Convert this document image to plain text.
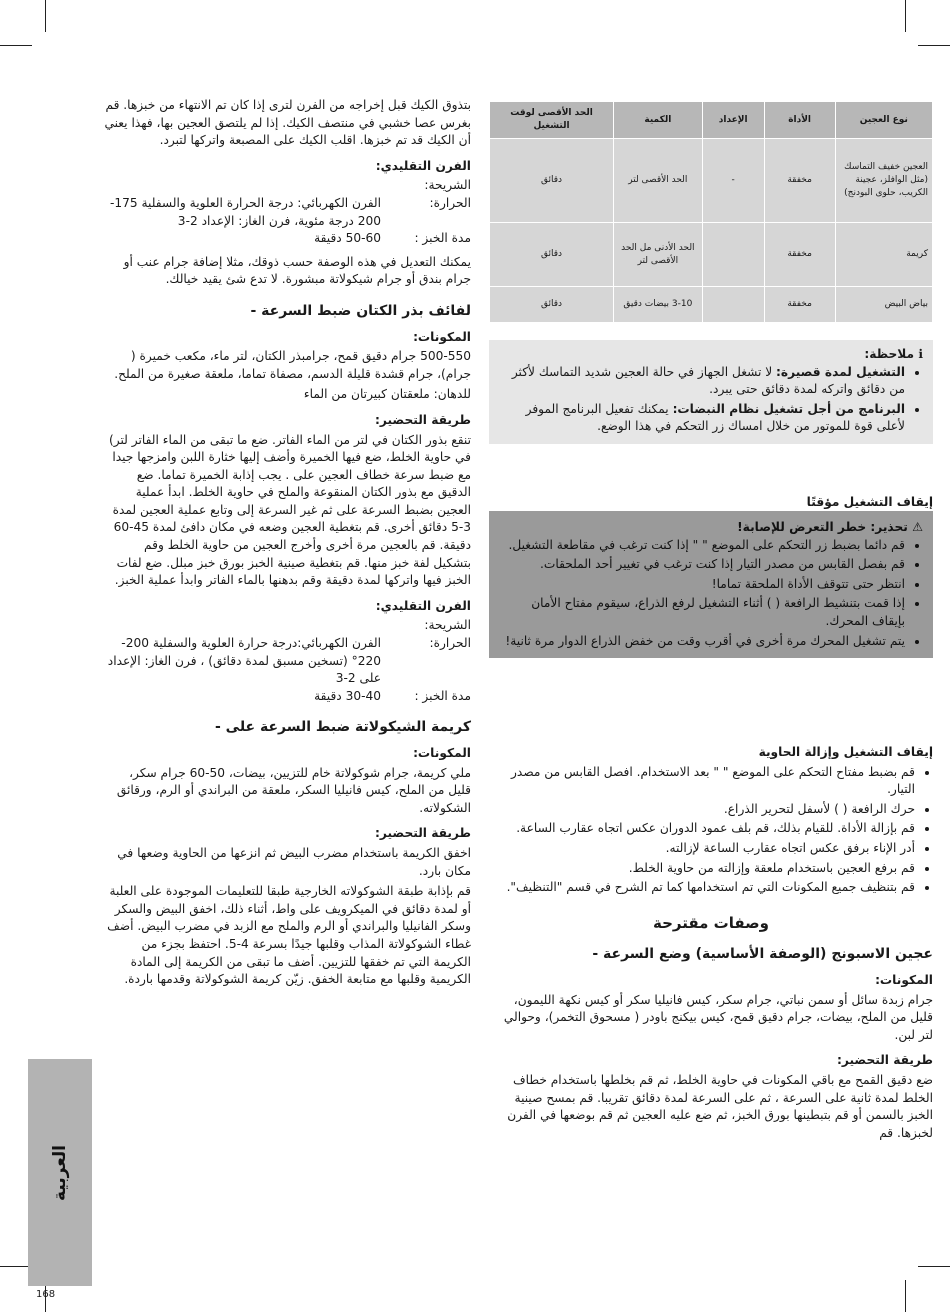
نوع العجين	الأداة	الإعداد	الكمية	الحد الأقصى لوقت التشغيل
العجين خفيف التماسك (مثل الوافلز، عجينة الكريب، حلوى البودنج)	مخفقة	-	الحد الأقصى لتر	دقائق
كريمة	مخفقة		الحد الأدنى مل الحد الأقصى لتر	دقائق
بياض البيض	مخفقة		3-10 بيضات دقيق	دقائق
ℹ ملاحظة:
• التشغيل لمدة قصيرة: لا تشغل الجهاز في حالة العجين شديد التماسك لأكثر من دقائق واتركه لمدة دقائق حتى يبرد.
• البرنامج من أجل تشغيل نظام النبضات: يمكنك تفعيل البرنامج الموفر لأعلى قوة للموتور من خلال امساك زر التحكم في هذا الوضع.
إيقاف التشغيل مؤقتًا
⚠ تحذير: خطر التعرض للإصابة!
• قم دائما بضبط زر التحكم على الموضع " " إذا كنت ترغب في مقاطعة التشغيل.
• قم بفصل القابس من مصدر التيار إذا كنت ترغب في تغيير أحد الملحقات.
• انتظر حتى تتوقف الأداة الملحقة تماما!
• إذا قمت بتنشيط الرافعة ( ) أثناء التشغيل لرفع الذراع، سيقوم مفتاح الأمان بإيقاف المحرك.
• يتم تشغيل المحرك مرة أخرى في أقرب وقت من خفض الذراع الدوار مرة ثانية!
إيقاف التشغيل وإزالة الحاوية
• قم بضبط مفتاح التحكم على الموضع " " بعد الاستخدام. افصل القابس من مصدر التيار.
• حرك الرافعة ( ) لأسفل لتحرير الذراع.
• قم بإزالة الأداة. للقيام بذلك، قم بلف عمود الدوران عكس اتجاه عقارب الساعة.
• أدر الإناء برفق عكس اتجاه عقارب الساعة لإزالته.
• قم برفع العجين باستخدام ملعقة وإزالته من حاوية الخلط.
• قم بتنظيف جميع المكونات التي تم استخدامها كما تم الشرح في قسم "التنظيف".
وصفات مقترحة
عجين الاسبونج (الوصفة الأساسية) وضع السرعة -
المكونات:

جرام زبدة سائل أو سمن نباتي، جرام سكر، كيس فانيليا سكر أو كيس نكهة الليمون، قليل من الملح، بيضات، جرام دقيق قمح، كيس بيكنج باودر ( مسحوق التخمر)، وحوالي لتر لبن.

طريقة التحضير:

ضع دقيق القمح مع باقي المكونات في حاوية الخلط، ثم قم بخلطها باستخدام خطاف الخلط لمدة ثانية على السرعة ، ثم على السرعة لمدة دقائق تقريبا. قم بمسح صينية الخبز بالسمن أو قم بتبطينها بورق الخبز، ثم ضع عليه العجين ثم قم بوضعها في الفرن لخبزها. قم

بتذوق الكيك قبل إخراجه من الفرن لترى إذا كان تم الانتهاء من خبزها. قم بغرس عصا خشبي في منتصف الكيك. إذا لم يلتصق العجين بها، فهذا يعني أن الكيك قد تم خبزها. اقلب الكيك على المصبعة واتركها لتبرد.

الفرن التقليدي:
الشريحة:
الحرارة:
الفرن الكهربائي: درجة الحرارة العلوية والسفلية 175-200 درجة مئوية، فرن الغاز: الإعداد 2-3
مدة الخبز :
50-60 دقيقة

يمكنك التعديل في هذه الوصفة حسب ذوقك، مثلا إضافة جرام عنب أو جرام بندق أو جرام شيكولاتة مبشورة. لا تدع شئ يقيد خيالك.

لفائف بذر الكتان ضبط السرعة -
المكونات:

500-550 جرام دقيق قمح، جرامبذر الكتان، لتر ماء، مكعب خميرة ( جرام)، جرام قشدة قليلة الدسم، مصفاة تماما، ملعقة صغيرة من الملح.

للدهان: ملعقتان كبيرتان من الماء

طريقة التحضير:

تنقع بذور الكتان في لتر من الماء الفاتر. ضع ما تبقى من الماء الفاتر لتر) في حاوية الخلط، ضع فيها الخميرة وأضف إليها خثارة اللبن وامزجها جيدا مع ضبط سرعة خطاف العجين على . يجب إذابة الخميرة تماما. ضع الدقيق مع بذور الكتان المنقوعة والملح في حاوية الخلط. ابدأ عملية العجين بضبط السرعة على ثم غير السرعة إلى وتابع عملية العجين لمدة 3-5 دقائق أخرى. قم بتغطية العجين وضعه في مكان دافئ لمدة 45-60 دقيقة. قم بالعجين مرة أخرى وأخرج العجين من حاوية الخلط وقم بتشكيل لفة خبز منها. قم بتغطية صينية الخبز بورق خبز مبلل. ضع لفات الخبز فيها واتركها لمدة دقيقة وقم بدهنها بالماء الفاتر وابدأ عملية الخبز.

الفرن التقليدي:
الشريحة:
الحرارة:
الفرن الكهربائي:درجة حرارة العلوية والسفلية 200-220° (تسخين مسبق لمدة دقائق) ، فرن الغاز: الإعداد على 2-3
مدة الخبز :
30-40 دقيقة
كريمة الشيكولاتة ضبط السرعة على -
المكونات:

ملي كريمة، جرام شوكولاتة خام للتزيين، بيضات، 50-60 جرام سكر، قليل من الملح، كيس فانيليا السكر، ملعقة من البراندي أو الرم، ورقائق الشكولاته.

طريقة التحضير:

اخفق الكريمة باستخدام مضرب البيض ثم انزعها من الحاوية وضعها في مكان بارد.

قم بإذابة طبقة الشوكولاته الخارجية طبقا للتعليمات الموجودة على العلبة أو لمدة دقائق في الميكرويف على واط، أثناء ذلك، اخفق البيض والسكر وسكر الفانيليا والبراندي أو الرم والملح مع الزبد في مضرب البيض. أضف غطاء الشوكولاتة المذاب وقلبها جيدًا بسرعة 4-5. احتفظ بجزء من الكريمة التي تم خفقها للتزيين. أضف ما تبقى من الكريمة إلى المادة الكريمية وقلبها مع متابعة الخفق. زيّن كريمة الشوكولاتة وقدمها باردة.

العربية
168
